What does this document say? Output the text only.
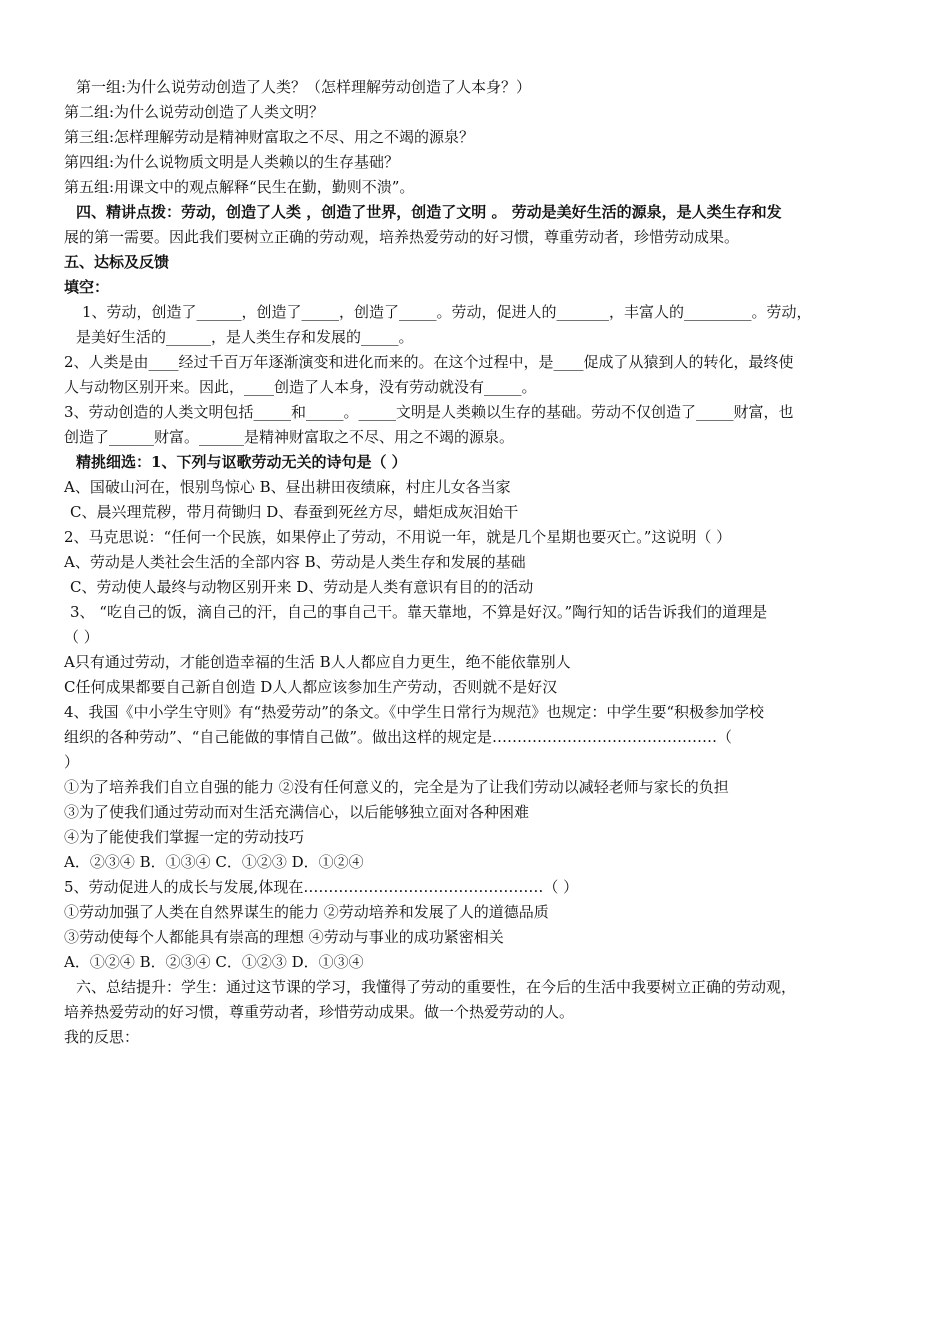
第一组:为什么说劳动创造了人类？（怎样理解劳动创造了人本身？）
第二组:为什么说劳动创造了人类文明？
第三组:怎样理解劳动是精神财富取之不尽、用之不竭的源泉？
第四组:为什么说物质文明是人类赖以的生存基础？
第五组:用课文中的观点解释“民生在勤，勤则不溃”。
四、精讲点拨：劳动，创造了人类 ，创造了世界，创造了文明 。 劳动是美好生活的源泉，是人类生存和发
展的第一需要。因此我们要树立正确的劳动观，培养热爱劳动的好习惯，尊重劳动者，珍惜劳动成果。
五、达标及反馈
填空：
1、劳动，创造了______，创造了_____，创造了_____。劳动，促进人的_______，丰富人的_________。劳动，
是美好生活的______，是人类生存和发展的_____。
2、人类是由____经过千百万年逐渐演变和进化而来的。在这个过程中，是____促成了从猿到人的转化，最终使
人与动物区别开来。因此，____创造了人本身，没有劳动就没有_____。
3、劳动创造的人类文明包括_____和_____。_____文明是人类赖以生存的基础。劳动不仅创造了_____财富，也
创造了______财富。______是精神财富取之不尽、用之不竭的源泉。
精挑细选：1、下列与讴歌劳动无关的诗句是（ ）
A、国破山河在，恨别鸟惊心 B、昼出耕田夜绩麻，村庄儿女各当家
C、晨兴理荒秽，带月荷锄归 D、春蚕到死丝方尽，蜡炬成灰泪始干
2、马克思说：“任何一个民族，如果停止了劳动，不用说一年，就是几个星期也要灭亡。”这说明（ ）
A、劳动是人类社会生活的全部内容 B、劳动是人类生存和发展的基础
C、劳动使人最终与动物区别开来 D、劳动是人类有意识有目的的活动
3、 “吃自己的饭，滴自己的汗，自己的事自己干。靠天靠地，不算是好汉。”陶行知的话告诉我们的道理是
（ ）
A只有通过劳动，才能创造幸福的生活 B人人都应自力更生，绝不能依靠别人
C任何成果都要自己新自创造 D人人都应该参加生产劳动，否则就不是好汉
4、我国《中小学生守则》有“热爱劳动”的条文。《中学生日常行为规范》也规定：中学生要“积极参加学校
组织的各种劳动”、“自己能做的事情自己做”。做出这样的规定是………………………………………（
）
①为了培养我们自立自强的能力 ②没有任何意义的，完全是为了让我们劳动以减轻老师与家长的负担
③为了使我们通过劳动而对生活充满信心，以后能够独立面对各种困难
④为了能使我们掌握一定的劳动技巧
A．②③④ B．①③④ C．①②③ D．①②④
5、劳动促进人的成长与发展,体现在…………………………………………（ ）
①劳动加强了人类在自然界谋生的能力 ②劳动培养和发展了人的道德品质
③劳动使每个人都能具有崇高的理想 ④劳动与事业的成功紧密相关
A．①②④ B．②③④ C．①②③ D．①③④
六、总结提升：学生：通过这节课的学习，我懂得了劳动的重要性，在今后的生活中我要树立正确的劳动观，
培养热爱劳动的好习惯，尊重劳动者，珍惜劳动成果。做一个热爱劳动的人。
我的反思：
